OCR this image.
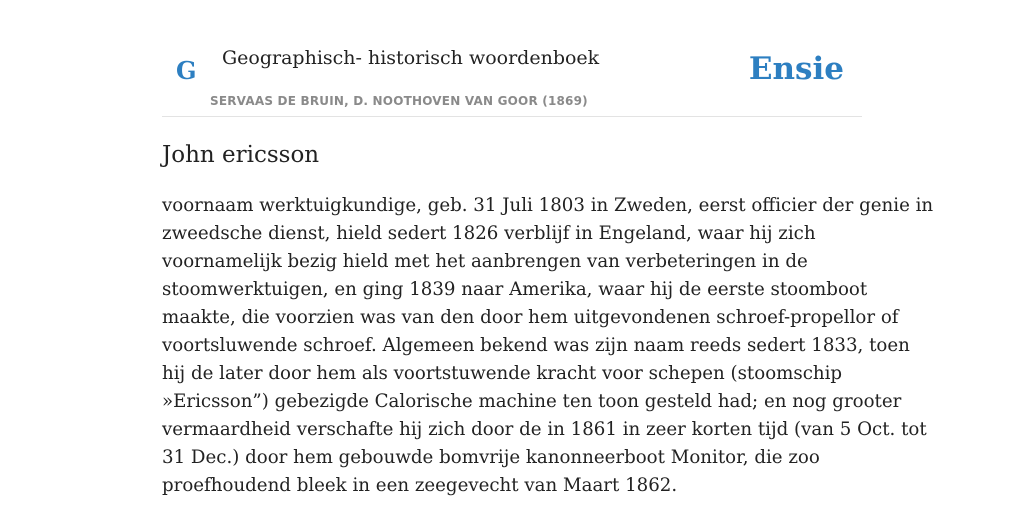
G Geographisch- historisch woordenboek
SERVAAS DE BRUIN, D. NOOTHOVEN VAN GOOR (1869)
Ensie
John ericsson
voornaam werktuigkundige, geb. 31 Juli 1803 in Zweden, eerst officier der genie in
zweedsche dienst, hield sedert 1826 verblijf in Engeland, waar hij zich
voornamelijk bezig hield met het aanbrengen van verbeteringen in de
stoomwerktuigen, en ging 1839 naar Amerika, waar hij de eerste stoomboot
maakte, die voorzien was van den door hem uitgevondenen schroef-propellor of
voortsluwende schroef. Algemeen bekend was zijn naam reeds sedert 1833, toen
hij de later door hem als voortstuwende kracht voor schepen (stoomschip
»Ericsson”) gebezigde Calorische machine ten toon gesteld had; en nog grooter
vermaardheid verschafte hij zich door de in 1861 in zeer korten tijd (van 5 Oct. tot
31 Dec.) door hem gebouwde bomvrije kanonneerboot Monitor, die zoo
proefhoudend bleek in een zeegevecht van Maart 1862.
